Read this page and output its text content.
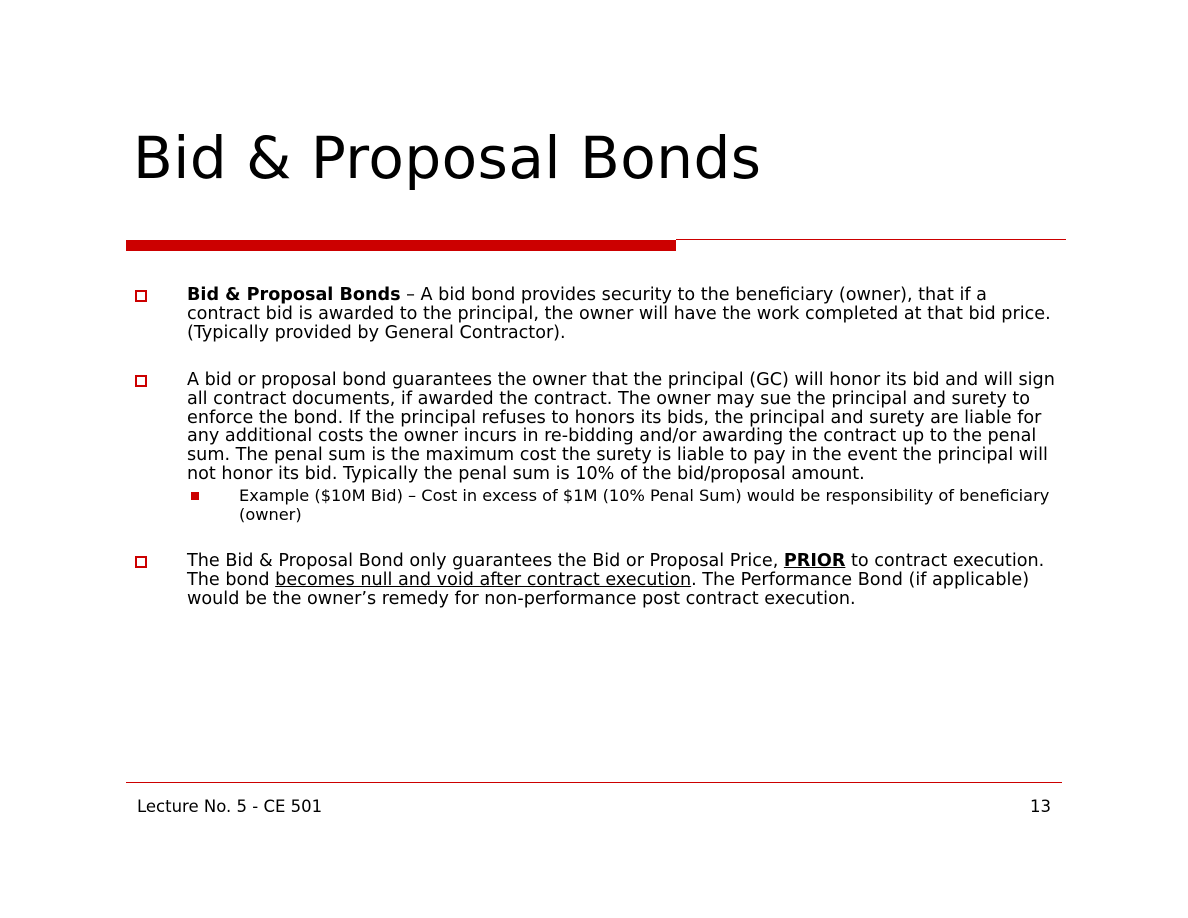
Bid & Proposal Bonds
Bid & Proposal Bonds – A bid bond provides security to the beneficiary (owner), that if a contract bid is awarded to the principal, the owner will have the work completed at that bid price. (Typically provided by General Contractor).
A bid or proposal bond guarantees the owner that the principal (GC) will honor its bid and will sign all contract documents, if awarded the contract. The owner may sue the principal and surety to enforce the bond. If the principal refuses to honors its bids, the principal and surety are liable for any additional costs the owner incurs in re-bidding and/or awarding the contract up to the penal sum. The penal sum is the maximum cost the surety is liable to pay in the event the principal will not honor its bid. Typically the penal sum is 10% of the bid/proposal amount.
Example ($10M Bid) – Cost in excess of $1M (10% Penal Sum) would be responsibility of beneficiary (owner)
The Bid & Proposal Bond only guarantees the Bid or Proposal Price, PRIOR to contract execution. The bond becomes null and void after contract execution. The Performance Bond (if applicable) would be the owner’s remedy for non-performance post contract execution.
Lecture No. 5 - CE 501	13
